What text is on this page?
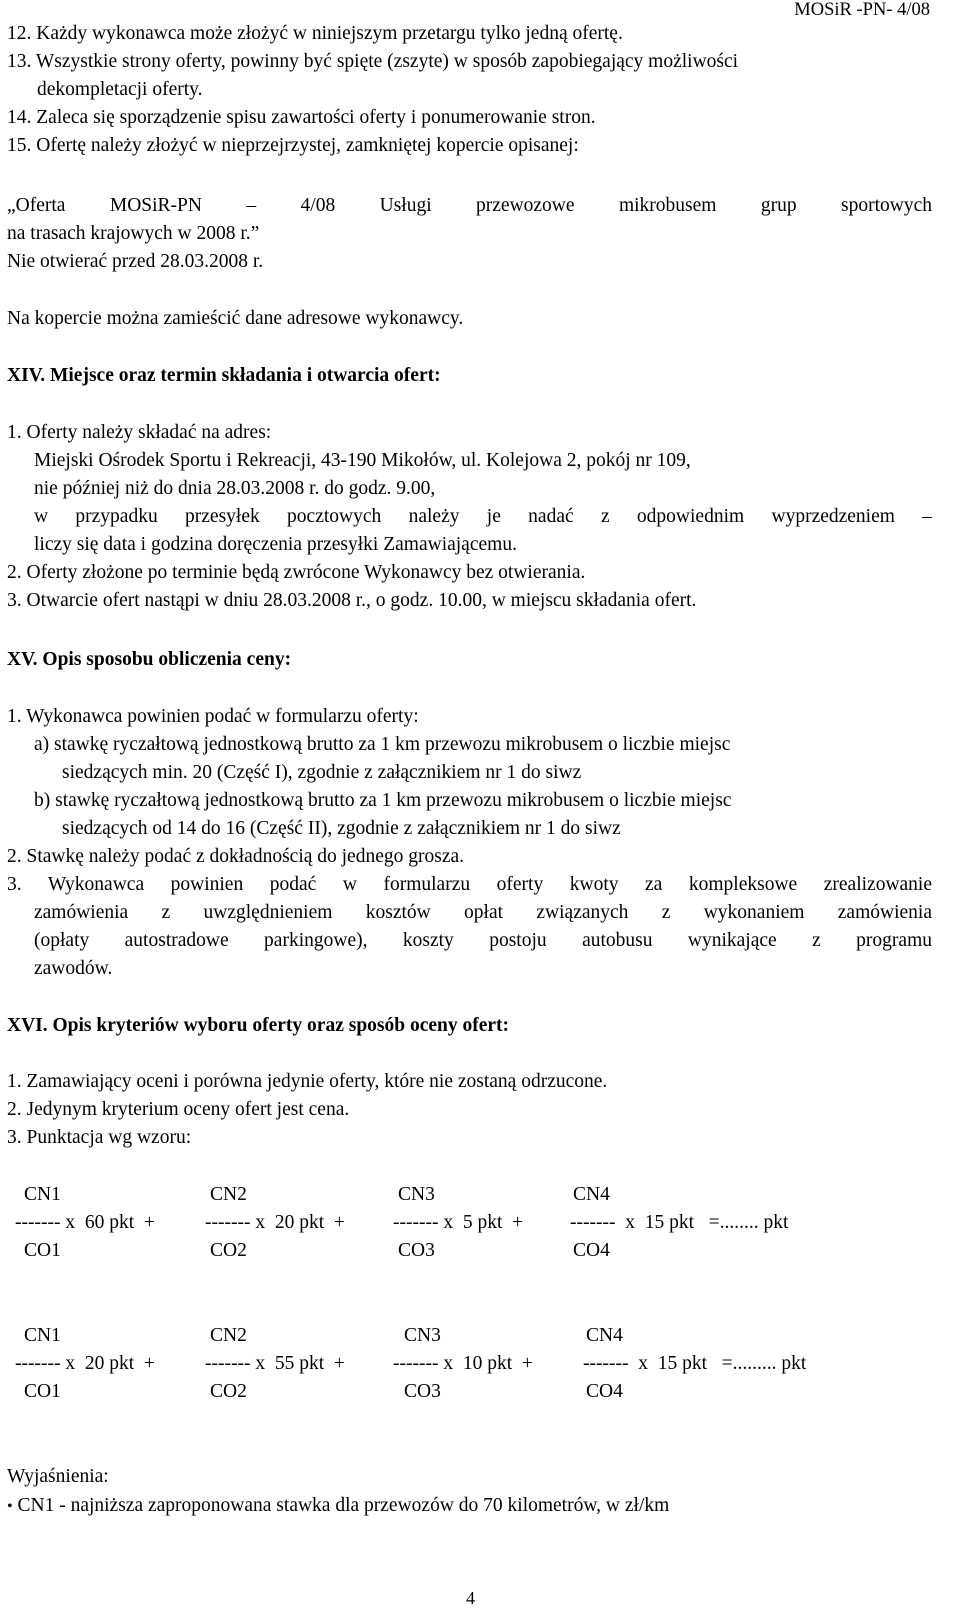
MOSiR -PN- 4/08
12. Każdy wykonawca może złożyć w niniejszym przetargu tylko jedną ofertę.
13. Wszystkie strony oferty, powinny być spięte (zszyte) w sposób zapobiegający możliwości
dekompletacji oferty.
14. Zaleca się sporządzenie spisu zawartości oferty i ponumerowanie stron.
15. Ofertę należy złożyć w nieprzejrzystej, zamkniętej kopercie opisanej:
„Oferta MOSiR-PN – 4/08 Usługi przewozowe mikrobusem grup sportowych
na trasach krajowych w 2008 r.”
Nie otwierać przed 28.03.2008 r.
Na kopercie można zamieścić dane adresowe wykonawcy.
XIV. Miejsce oraz termin składania i otwarcia ofert:
1. Oferty należy składać na adres:
Miejski Ośrodek Sportu i Rekreacji, 43-190 Mikołów, ul. Kolejowa 2, pokój nr 109,
nie później niż do dnia 28.03.2008 r. do godz. 9.00,
w przypadku przesyłek pocztowych należy je nadać z odpowiednim wyprzedzeniem –
liczy się data i godzina doręczenia przesyłki Zamawiającemu.
2. Oferty złożone po terminie będą zwrócone Wykonawcy bez otwierania.
3. Otwarcie ofert nastąpi w dniu 28.03.2008 r., o godz. 10.00, w miejscu składania ofert.
XV. Opis sposobu obliczenia ceny:
1. Wykonawca powinien podać w formularzu oferty:
a) stawkę ryczałtową jednostkową brutto za 1 km przewozu mikrobusem o liczbie miejsc
siedzących min. 20 (Część I), zgodnie z załącznikiem nr 1 do siwz
b) stawkę ryczałtową jednostkową brutto za 1 km przewozu mikrobusem o liczbie miejsc
siedzących od 14 do 16 (Część II), zgodnie z załącznikiem nr 1 do siwz
2. Stawkę należy podać z dokładnością do jednego grosza.
3. Wykonawca powinien podać w formularzu oferty kwoty za kompleksowe zrealizowanie
zamówienia z uwzględnieniem kosztów opłat związanych z wykonaniem zamówienia
(opłaty autostradowe parkingowe), koszty postoju autobusu wynikające z programu
zawodów.
XVI. Opis kryteriów wyboru oferty oraz sposób oceny ofert:
1. Zamawiający oceni i porówna jedynie oferty, które nie zostaną odrzucone.
2. Jedynym kryterium oceny ofert jest cena.
3. Punktacja wg wzoru:
CN1	CN2	CN3	CN4
------- x  60 pkt  +	------- x  20 pkt  + ------- x  5 pkt  + -------  x  15 pkt   =........ pkt
CO1	CO2	CO3	CO4
CN1	CN2	CN3	CN4
------- x  20 pkt  +	------- x  55 pkt  + ------- x  10 pkt  +	-------  x  15 pkt   =......... pkt
CO1	CO2	CO3	CO4
Wyjaśnienia:
• CN1 - najniższa zaproponowana stawka dla przewozów do 70 kilometrów, w zł/km
4
